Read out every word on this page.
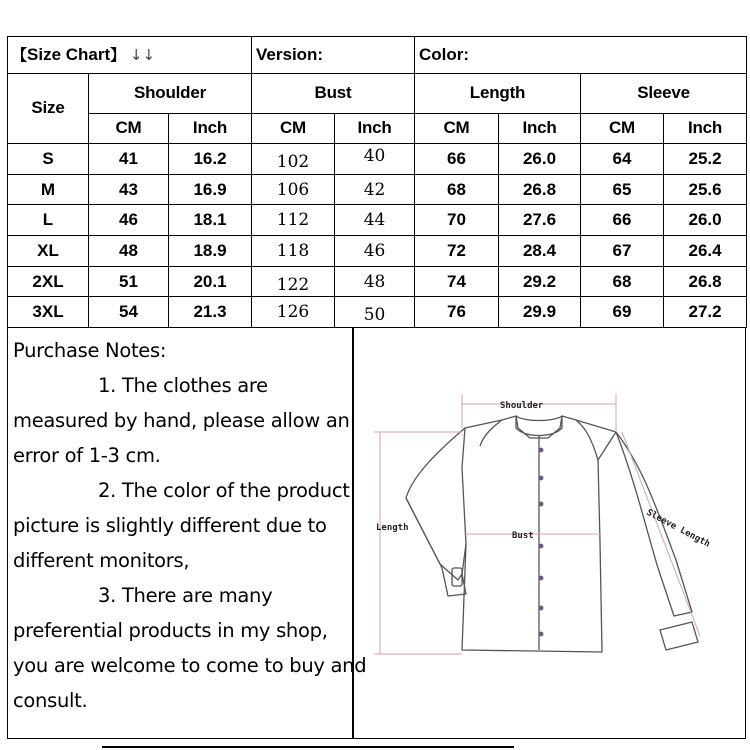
【Size Chart】 ↓↓			Version:		Color:			
Size	Shoulder		Bust		Length		Sleeve	
	CM	Inch	CM	Inch	CM	Inch	CM	Inch
S	41	16.2	102	40	66	26.0	64	25.2
M	43	16.9	106	42	68	26.8	65	25.6
L	46	18.1	112	44	70	27.6	66	26.0
XL	48	18.9	118	46	72	28.4	67	26.4
2XL	51	20.1	122	48	74	29.2	68	26.8
3XL	54	21.3	126	50	76	29.9	69	27.2

Purchase Notes:

1. The clothes are

measured by hand, please allow an

error of 1-3 cm.

2. The color of the product

picture is slightly different due to

different monitors,

3. There are many

preferential products in my shop,

you are welcome to come to buy and

consult.

Shoulder
Length
Bust	Sleeve Length
